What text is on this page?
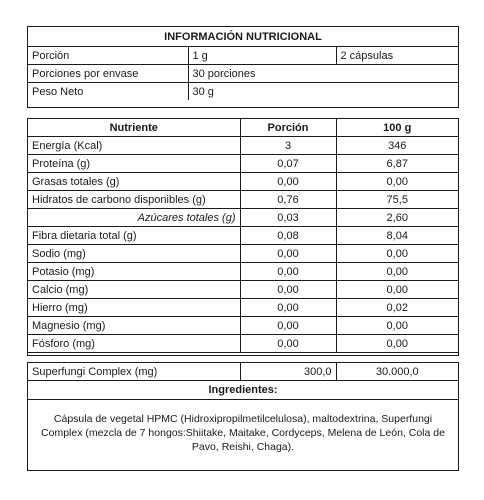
INFORMACIÓN NUTRICIONAL		
Porción	1 g	2 cápsulas
Porciones por envase	30 porciones	
Peso Neto	30 g	
Nutriente	Porción	100 g
Energía (Kcal)	3	346
Proteína (g)	0,07	6,87
Grasas totales (g)	0,00	0,00
Hidratos de carbono disponibles (g)	0,76	75,5
Azúcares totales (g)	0,03	2,60
Fibra dietaria total (g)	0,08	8,04
Sodio (mg)	0,00	0,00
Potasio (mg)	0,00	0,00
Calcio (mg)	0,00	0,00
Hierro (mg)	0,00	0,02
Magnesio (mg)	0,00	0,00
Fósforo (mg)	0,00	0,00
Superfungi Complex (mg)	300,0	30.000,0
Ingredientes:
Cápsula de vegetal HPMC (Hidroxipropilmetilcelulosa), maltodextrina, Superfungi Complex (mezcla de 7 hongos:Shiitake, Maitake, Cordyceps, Melena de León, Cola de Pavo, Reishi, Chaga).
